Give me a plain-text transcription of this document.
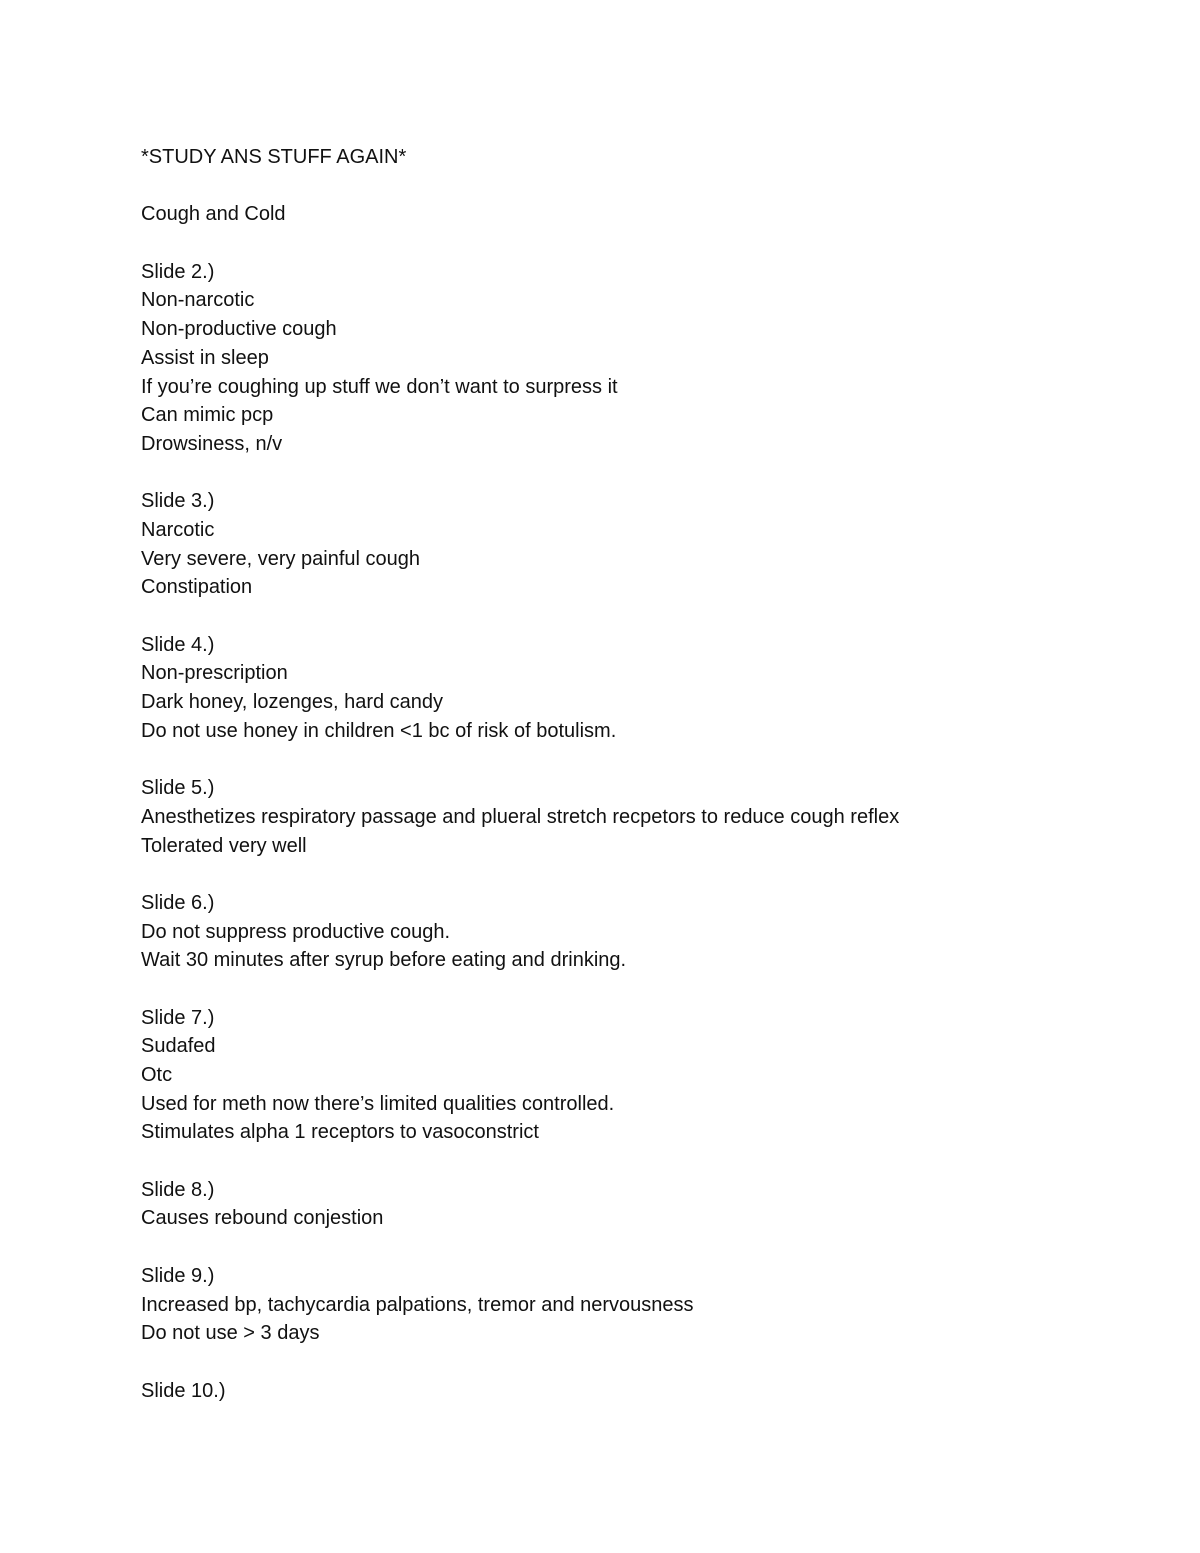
*STUDY ANS STUFF AGAIN*

Cough and Cold

Slide 2.)

Non-narcotic

Non-productive cough

Assist in sleep

If you’re coughing up stuff we don’t want to surpress it

Can mimic pcp

Drowsiness, n/v

Slide 3.)

Narcotic

Very severe, very painful cough

Constipation

Slide 4.)

Non-prescription

Dark honey, lozenges, hard candy

Do not use honey in children <1 bc of risk of botulism.

Slide 5.)

Anesthetizes respiratory passage and plueral stretch recpetors to reduce cough reflex

Tolerated very well

Slide 6.)

Do not suppress productive cough.

Wait 30 minutes after syrup before eating and drinking.

Slide 7.)

Sudafed

Otc

Used for meth now there’s limited qualities controlled.

Stimulates alpha 1 receptors to vasoconstrict

Slide 8.)

Causes rebound conjestion

Slide 9.)

Increased bp, tachycardia palpations, tremor and nervousness

Do not use > 3 days

Slide 10.)
